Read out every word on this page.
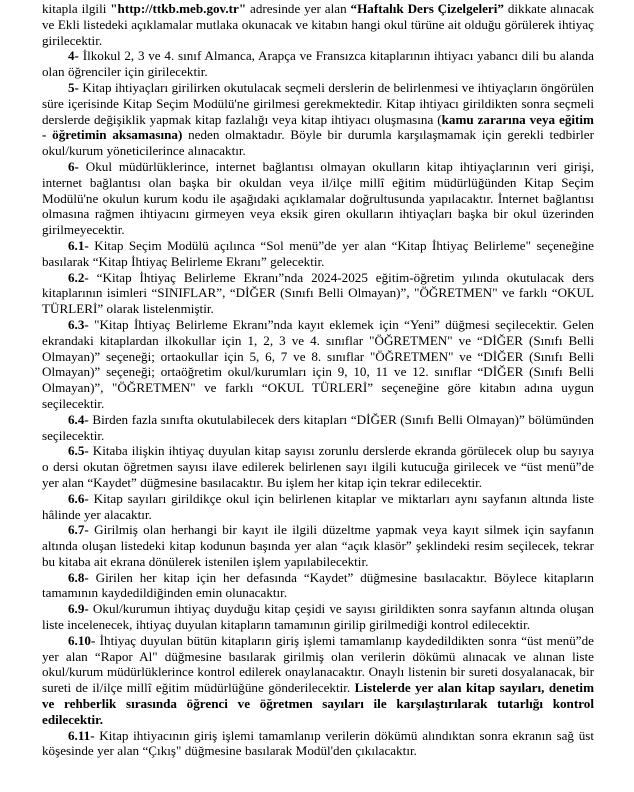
kitapla ilgili "http://ttkb.meb.gov.tr" adresinde yer alan “Haftalık Ders Çizelgeleri” dikkate alınacak ve Ekli listedeki açıklamalar mutlaka okunacak ve kitabın hangi okul türüne ait olduğu görülerek ihtiyaç girilecektir.

4- İlkokul 2, 3 ve 4. sınıf Almanca, Arapça ve Fransızca kitaplarının ihtiyacı yabancı dili bu alanda olan öğrenciler için girilecektir.

5- Kitap ihtiyaçları girilirken okutulacak seçmeli derslerin de belirlenmesi ve ihtiyaçların öngörülen süre içerisinde Kitap Seçim Modülü'ne girilmesi gerekmektedir. Kitap ihtiyacı girildikten sonra seçmeli derslerde değişiklik yapmak kitap fazlalığı veya kitap ihtiyacı oluşmasına (kamu zararına veya eğitim - öğretimin aksamasına) neden olmaktadır. Böyle bir durumla karşılaşmamak için gerekli tedbirler okul/kurum yöneticilerince alınacaktır.

6- Okul müdürlüklerince, internet bağlantısı olmayan okulların kitap ihtiyaçlarının veri girişi, internet bağlantısı olan başka bir okuldan veya il/ilçe millî eğitim müdürlüğünden Kitap Seçim Modülü'ne okulun kurum kodu ile aşağıdaki açıklamalar doğrultusunda yapılacaktır. İnternet bağlantısı olmasına rağmen ihtiyacını girmeyen veya eksik giren okulların ihtiyaçları başka bir okul üzerinden girilmeyecektir.

6.1- Kitap Seçim Modülü açılınca “Sol menü”de yer alan “Kitap İhtiyaç Belirleme" seçeneğine basılarak “Kitap İhtiyaç Belirleme Ekranı” gelecektir.

6.2- “Kitap İhtiyaç Belirleme Ekranı”nda 2024-2025 eğitim-öğretim yılında okutulacak ders kitaplarının isimleri “SINIFLAR”, “DİĞER (Sınıfı Belli Olmayan)”, "ÖĞRETMEN" ve farklı “OKUL TÜRLERİ” olarak listelenmiştir.

6.3- "Kitap İhtiyaç Belirleme Ekranı”nda kayıt eklemek için “Yeni” düğmesi seçilecektir. Gelen ekrandaki kitaplardan ilkokullar için 1, 2, 3 ve 4. sınıflar "ÖĞRETMEN" ve “DİĞER (Sınıfı Belli Olmayan)” seçeneği; ortaokullar için 5, 6, 7 ve 8. sınıflar "ÖĞRETMEN" ve “DİĞER (Sınıfı Belli Olmayan)” seçeneği; ortaöğretim okul/kurumları için 9, 10, 11 ve 12. sınıflar “DİĞER (Sınıfı Belli Olmayan)”, "ÖĞRETMEN" ve farklı “OKUL TÜRLERİ” seçeneğine göre kitabın adına uygun seçilecektir.

6.4- Birden fazla sınıfta okutulabilecek ders kitapları “DİĞER (Sınıfı Belli Olmayan)” bölümünden seçilecektir.

6.5- Kitaba ilişkin ihtiyaç duyulan kitap sayısı zorunlu derslerde ekranda görülecek olup bu sayıya o dersi okutan öğretmen sayısı ilave edilerek belirlenen sayı ilgili kutucuğa girilecek ve “üst menü”de yer alan “Kaydet” düğmesine basılacaktır. Bu işlem her kitap için tekrar edilecektir.

6.6- Kitap sayıları girildikçe okul için belirlenen kitaplar ve miktarları aynı sayfanın altında liste hâlinde yer alacaktır.

6.7- Girilmiş olan herhangi bir kayıt ile ilgili düzeltme yapmak veya kayıt silmek için sayfanın altında oluşan listedeki kitap kodunun başında yer alan “açık klasör” şeklindeki resim seçilecek, tekrar bu kitaba ait ekrana dönülerek istenilen işlem yapılabilecektir.

6.8- Girilen her kitap için her defasında “Kaydet” düğmesine basılacaktır. Böylece kitapların tamamının kaydedildiğinden emin olunacaktır.

6.9- Okul/kurumun ihtiyaç duyduğu kitap çeşidi ve sayısı girildikten sonra sayfanın altında oluşan liste incelenecek, ihtiyaç duyulan kitapların tamamının girilip girilmediği kontrol edilecektir.

6.10- İhtiyaç duyulan bütün kitapların giriş işlemi tamamlanıp kaydedildikten sonra “üst menü”de yer alan “Rapor Al" düğmesine basılarak girilmiş olan verilerin dökümü alınacak ve alınan liste okul/kurum müdürlüklerince kontrol edilerek onaylanacaktır. Onaylı listenin bir sureti dosyalanacak, bir sureti de il/ilçe millî eğitim müdürlüğüne gönderilecektir. Listelerde yer alan kitap sayıları, denetim ve rehberlik sırasında öğrenci ve öğretmen sayıları ile karşılaştırılarak tutarlığı kontrol edilecektir.

6.11- Kitap ihtiyacının giriş işlemi tamamlanıp verilerin dökümü alındıktan sonra ekranın sağ üst köşesinde yer alan “Çıkış" düğmesine basılarak Modül'den çıkılacaktır.
